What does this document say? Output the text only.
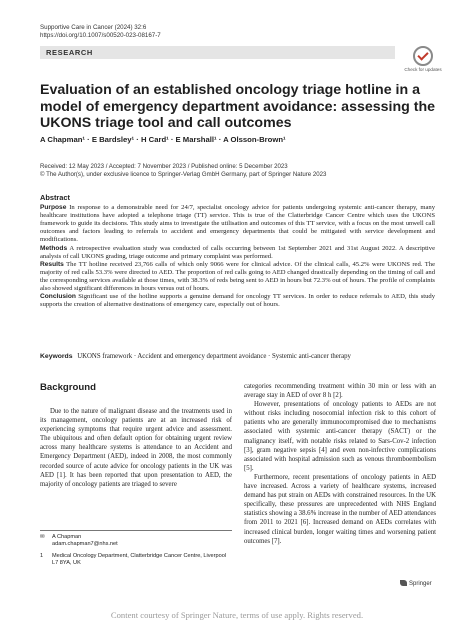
Supportive Care in Cancer (2024) 32:6
https://doi.org/10.1007/s00520-023-08167-7
RESEARCH
Check for updates
Evaluation of an established oncology triage hotline in a model of emergency department avoidance: assessing the UKONS triage tool and call outcomes
A Chapman¹ · E Bardsley¹ · H Card¹ · E Marshall¹ · A Olsson-Brown¹
Received: 12 May 2023 / Accepted: 7 November 2023 / Published online: 5 December 2023
© The Author(s), under exclusive licence to Springer-Verlag GmbH Germany, part of Springer Nature 2023
Abstract

Purpose In response to a demonstrable need for 24/7, specialist oncology advice for patients undergoing systemic anti-cancer therapy, many healthcare institutions have adopted a telephone triage (TT) service. This is true of the Clatterbridge Cancer Centre which uses the UKONS framework to guide its decisions. This study aims to investigate the utilisation and outcomes of this TT service, with a focus on the most unwell call outcomes and factors leading to referrals to accident and emergency departments that could be mitigated with service development and modifications.

Methods A retrospective evaluation study was conducted of calls occurring between 1st September 2021 and 31st August 2022. A descriptive analysis of call UKONS grading, triage outcome and primary complaint was performed.

Results The TT hotline received 23,766 calls of which only 9066 were for clinical advice. Of the clinical calls, 45.2% were UKONS red. The majority of red calls 53.3% were directed to AED. The proportion of red calls going to AED changed drastically depending on the timing of call and the corresponding services available at those times, with 38.3% of reds being sent to AED in hours but 72.3% out of hours. The profile of complaints also showed significant differences in hours versus out of hours.

Conclusion Significant use of the hotline supports a genuine demand for oncology TT services. In order to reduce referrals to AED, this study supports the creation of alternative destinations of emergency care, especially out of hours.

Keywords UKONS framework · Accident and emergency department avoidance · Systemic anti-cancer therapy
Background

Due to the nature of malignant disease and the treatments used in its management, oncology patients are at an increased risk of experiencing symptoms that require urgent advice and assessment. The ubiquitous and often default option for obtaining urgent review across many healthcare systems is attendance to an Accident and Emergency Department (AED), indeed in 2008, the most commonly recorded source of acute advice for oncology patients in the UK was AED [1]. It has been reported that upon presentation to AED, the majority of oncology patients are triaged to severe

✉ A Chapman
adam.chapman7@nhs.net
1 Medical Oncology Department, Clatterbridge Cancer Centre, Liverpool L7 8YA, UK

categories recommending treatment within 30 min or less with an average stay in AED of over 8 h [2].

However, presentations of oncology patients to AEDs are not without risks including nosocomial infection risk to this cohort of patients who are generally immunocompromised due to mechanisms associated with systemic anti-cancer therapy (SACT) or the malignancy itself, with notable risks related to Sars-Cov-2 infection [3], gram negative sepsis [4] and even non-infective complications associated with hospital admission such as venous thromboembolism [5].

Furthermore, recent presentations of oncology patients in AED have increased. Across a variety of healthcare systems, increased demand has put strain on AEDs with constrained resources. In the UK specifically, these pressures are unprecedented with NHS England statistics showing a 38.6% increase in the number of AED attendances from 2011 to 2021 [6]. Increased demand on AEDs correlates with increased clinical burden, longer waiting times and worsening patient outcomes [7].

Springer
Content courtesy of Springer Nature, terms of use apply. Rights reserved.
